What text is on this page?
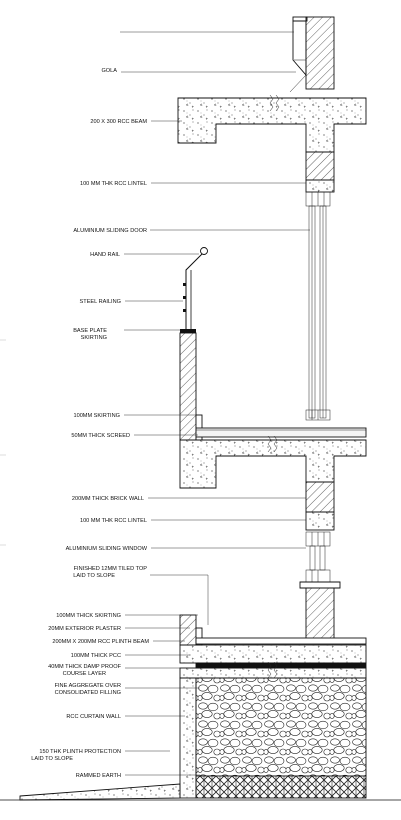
GOLA
200 X 300 RCC BEAM
100 MM THK RCC LINTEL
ALUMINIUM SLIDING DOOR
HAND RAIL
STEEL RAILING
BASE PLATE
SKIRTING
100MM SKIRTING
50MM THICK SCREED
200MM THICK BRICK WALL
100 MM THK RCC LINTEL
ALUMINIUM SLIDING WINDOW
FINISHED 12MM TILED TOP
LAID TO SLOPE
100MM THICK SKIRTING
20MM EXTERIOR PLASTER
200MM X 200MM RCC PLINTH BEAM
100MM THICK PCC
40MM THICK DAMP PROOF
COURSE LAYER
FINE AGGREGATE OVER
CONSOLIDATED FILLING
RCC CURTAIN WALL
150 THK PLINTH PROTECTION
LAID TO SLOPE
RAMMED EARTH
